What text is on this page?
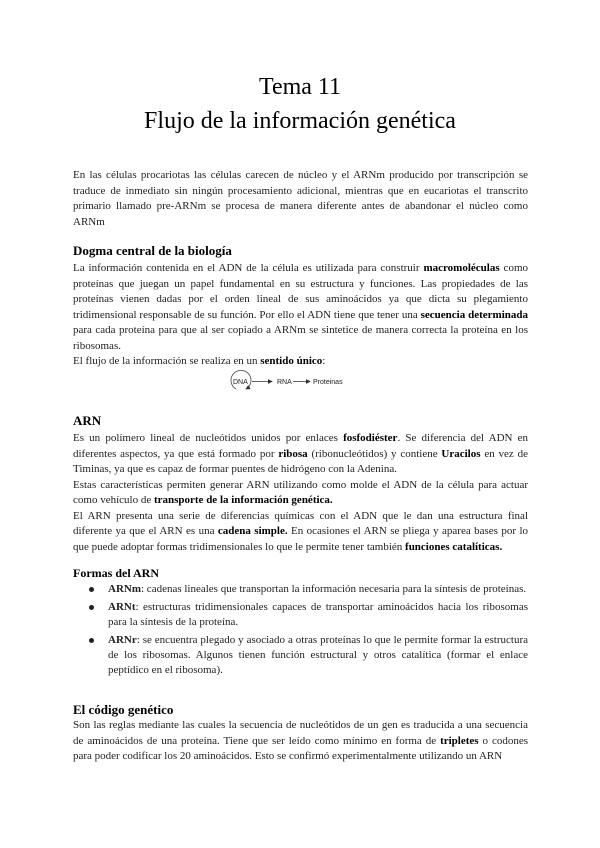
Tema 11
Flujo de la información genética
En las células procariotas las células carecen de núcleo y el ARNm producido por transcripción se traduce de inmediato sin ningún procesamiento adicional, mientras que en eucariotas el transcrito primario llamado pre-ARNm se procesa de manera diferente antes de abandonar el núcleo como ARNm
Dogma central de la biología
La información contenida en el ADN de la célula es utilizada para construir macromoléculas como proteínas que juegan un papel fundamental en su estructura y funciones. Las propiedades de las proteínas vienen dadas por el orden lineal de sus aminoácidos ya que dicta su plegamiento tridimensional responsable de su función. Por ello el ADN tiene que tener una secuencia determinada para cada proteína para que al ser copiado a ARNm se sintetice de manera correcta la proteína en los ribosomas.
El flujo de la información se realiza en un sentido único:
DNA	RNA	Proteinas
ARN
Es un polímero lineal de nucleótidos unidos por enlaces fosfodiéster. Se diferencia del ADN en diferentes aspectos, ya que está formado por ribosa (ribonucleótidos) y contiene Uracilos en vez de Timinas, ya que es capaz de formar puentes de hidrógeno con la Adenina.
Estas características permiten generar ARN utilizando como molde el ADN de la célula para actuar como vehículo de transporte de la información genética.
El ARN presenta una serie de diferencias químicas con el ADN que le dan una estructura final diferente ya que el ARN es una cadena simple. En ocasiones el ARN se pliega y aparea bases por lo que puede adoptar formas tridimensionales lo que le permite tener también funciones catalíticas.
Formas del ARN
ARNm: cadenas lineales que transportan la información necesaria para la síntesis de proteínas.
ARNt: estructuras tridimensionales capaces de transportar aminoácidos hacia los ribosomas para la síntesis de la proteína.
ARNr: se encuentra plegado y asociado a otras proteínas lo que le permite formar la estructura de los ribosomas. Algunos tienen función estructural y otros catalítica (formar el enlace peptídico en el ribosoma).
El código genético
Son las reglas mediante las cuales la secuencia de nucleótidos de un gen es traducida a una secuencia de aminoácidos de una proteína. Tiene que ser leído como mínimo en forma de tripletes o codones para poder codificar los 20 aminoácidos. Esto se confirmó experimentalmente utilizando un ARN
